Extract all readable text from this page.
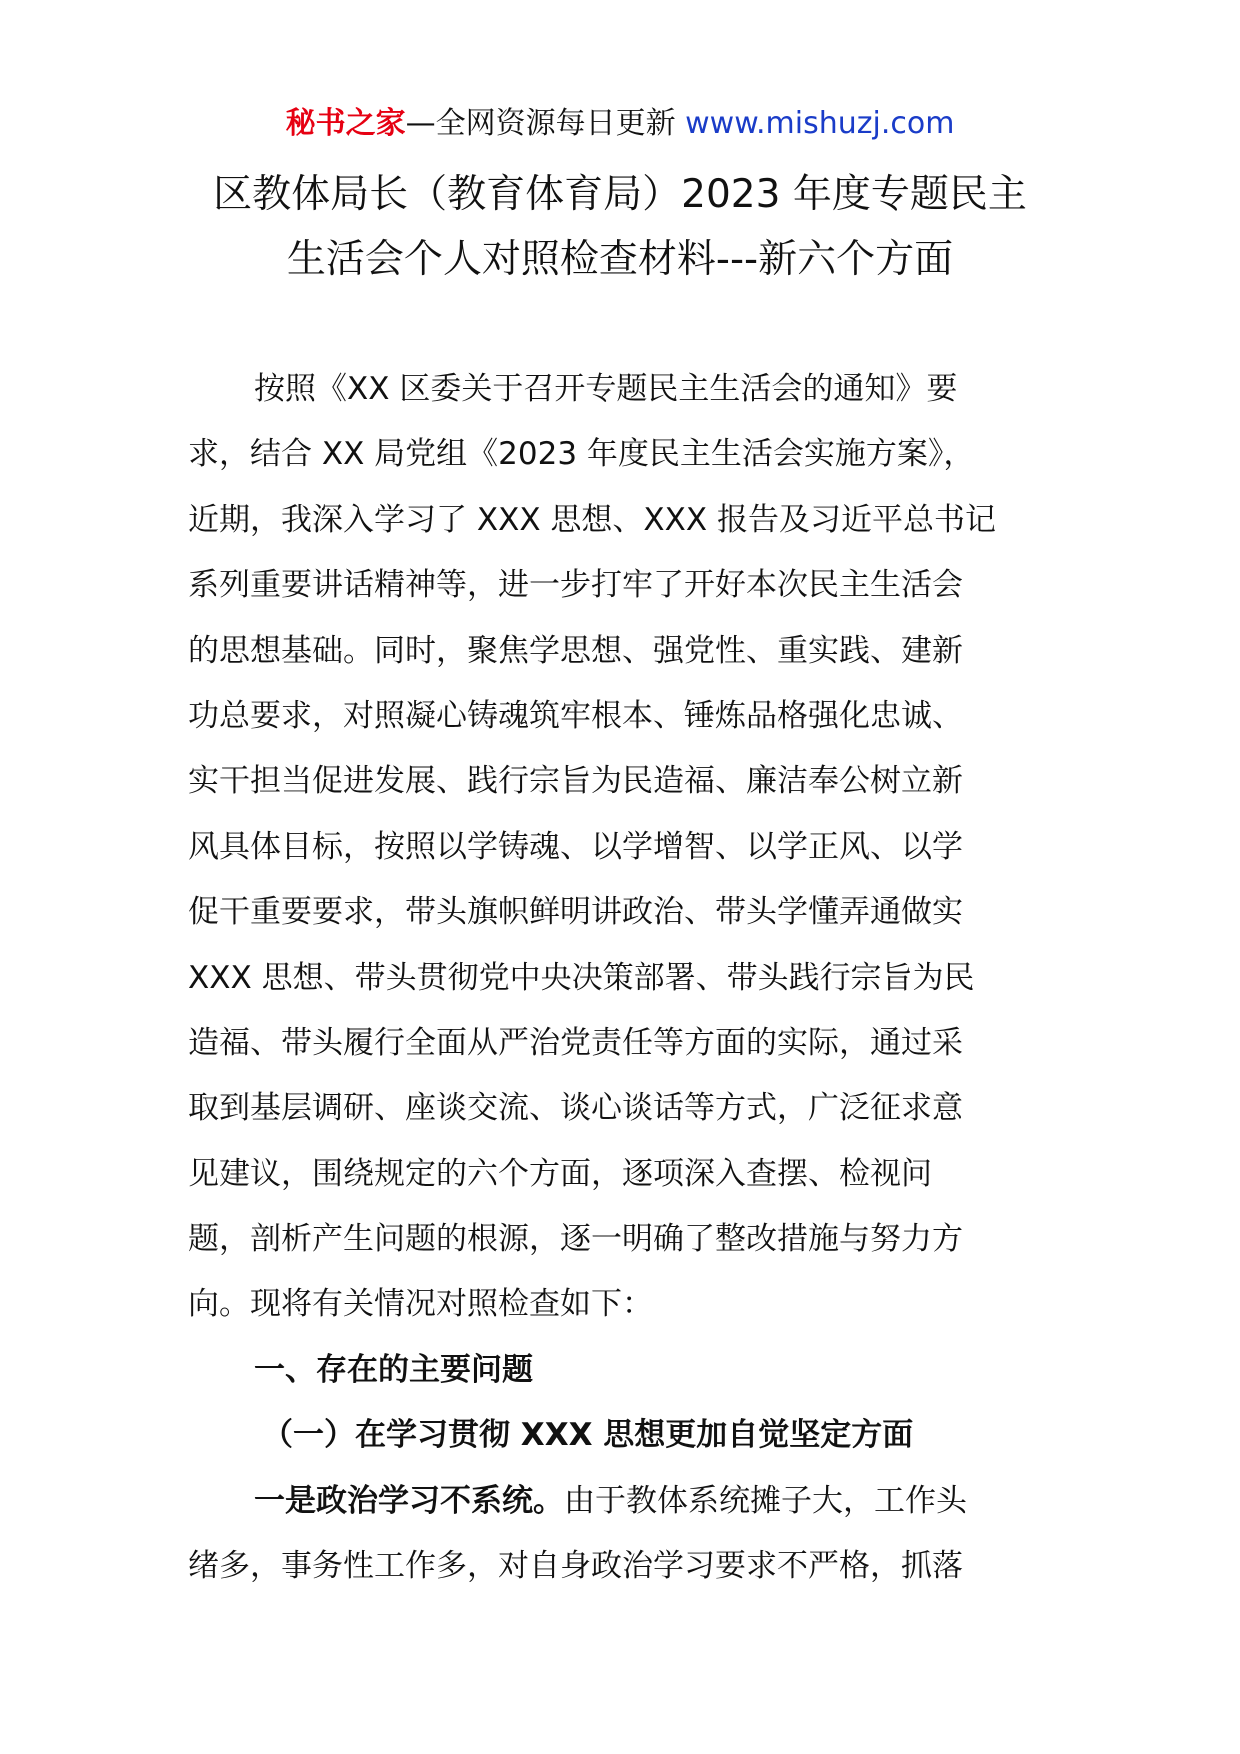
秘书之家—全网资源每日更新 www.mishuzj.com
区教体局长（教育体育局）2023 年度专题民主
生活会个人对照检查材料---新六个方面
按照《XX 区委关于召开专题民主生活会的通知》要
求，结合 XX 局党组《2023 年度民主生活会实施方案》，
近期，我深入学习了 XXX 思想、XXX 报告及习近平总书记
系列重要讲话精神等，进一步打牢了开好本次民主生活会
的思想基础。同时，聚焦学思想、强党性、重实践、建新
功总要求，对照凝心铸魂筑牢根本、锤炼品格强化忠诚、
实干担当促进发展、践行宗旨为民造福、廉洁奉公树立新
风具体目标，按照以学铸魂、以学增智、以学正风、以学
促干重要要求，带头旗帜鲜明讲政治、带头学懂弄通做实
XXX 思想、带头贯彻党中央决策部署、带头践行宗旨为民
造福、带头履行全面从严治党责任等方面的实际，通过采
取到基层调研、座谈交流、谈心谈话等方式，广泛征求意
见建议，围绕规定的六个方面，逐项深入查摆、检视问
题，剖析产生问题的根源，逐一明确了整改措施与努力方
向。现将有关情况对照检查如下：
一、存在的主要问题
（一）在学习贯彻 XXX 思想更加自觉坚定方面
一是政治学习不系统。由于教体系统摊子大，工作头
绪多，事务性工作多，对自身政治学习要求不严格，抓落
